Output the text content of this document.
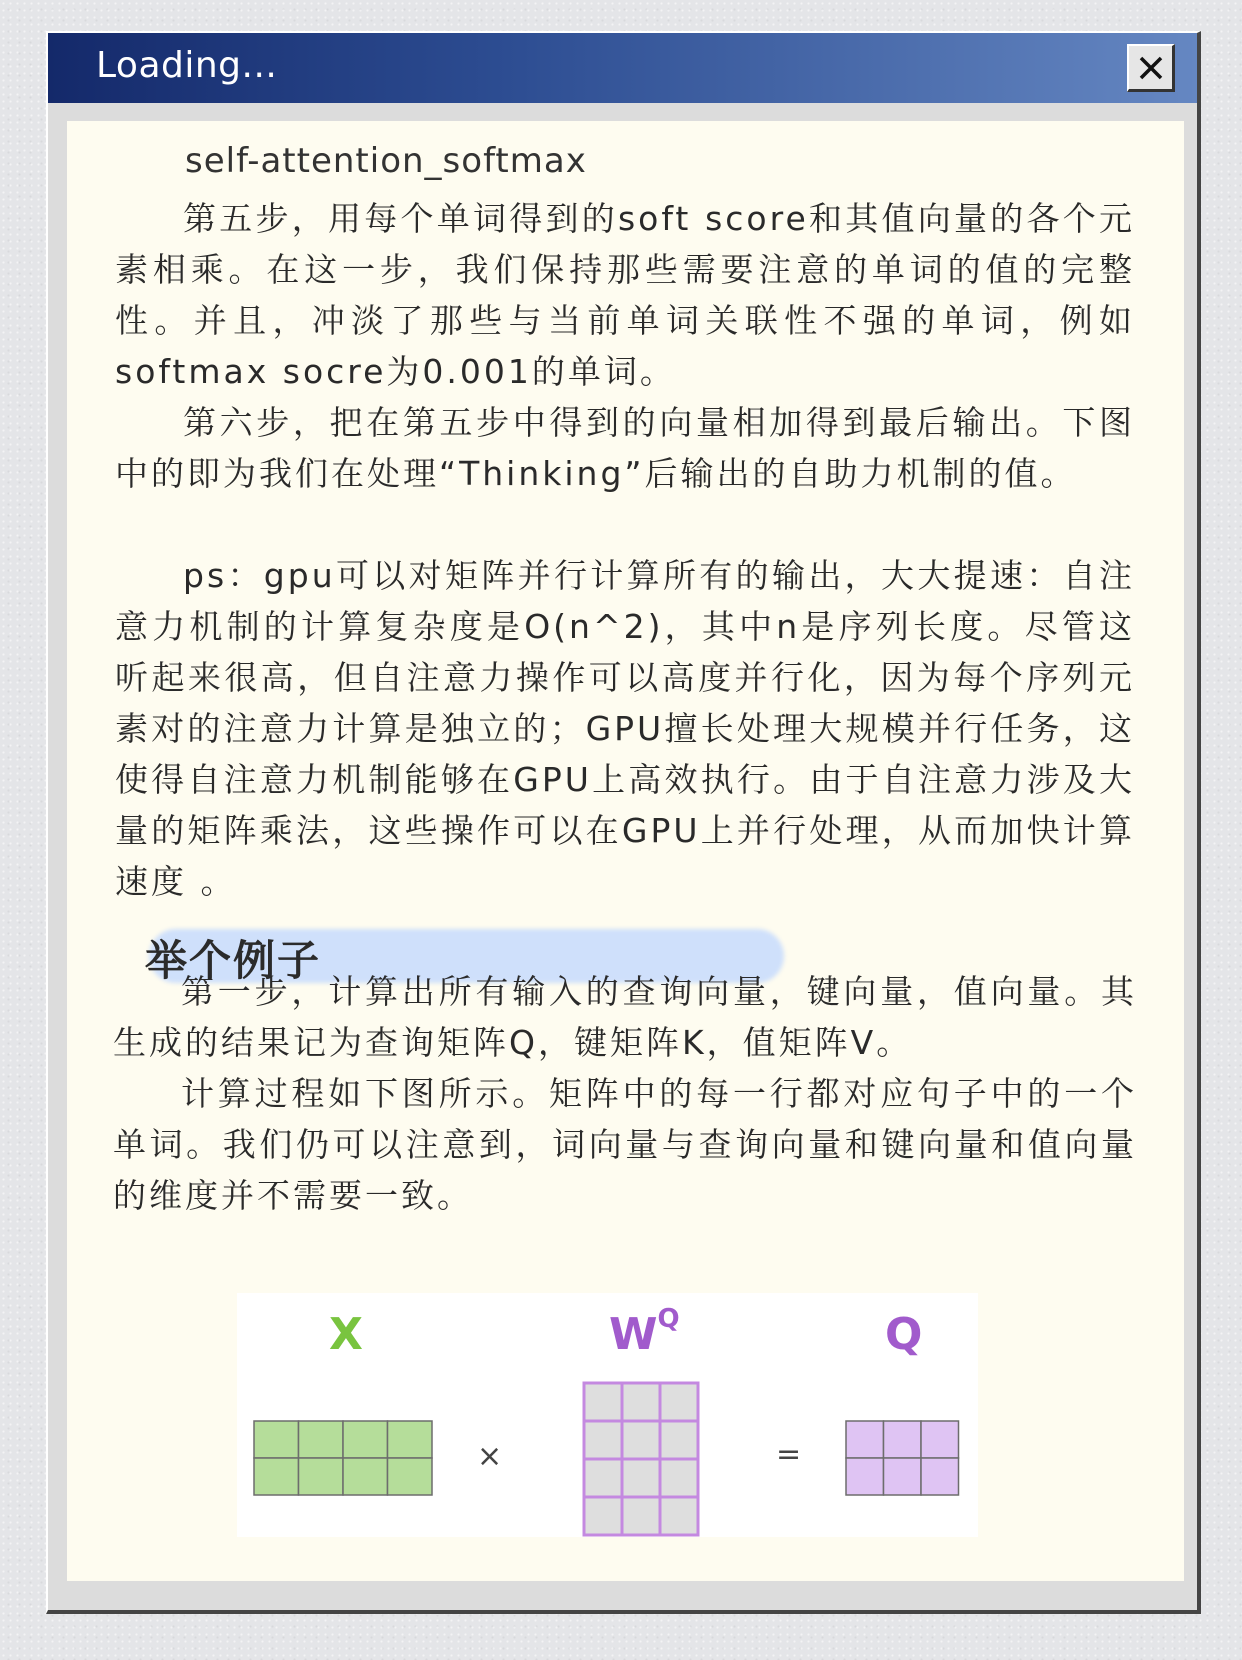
Loading...
self-attention_softmax

第五步，用每个单词得到的soft score和其值向量的各个元素相乘。在这一步，我们保持那些需要注意的单词的值的完整性。并且，冲淡了那些与当前单词关联性不强的单词，例如softmax socre为0.001的单词。

第六步，把在第五步中得到的向量相加得到最后输出。下图中的即为我们在处理“Thinking”后输出的自助力机制的值。

ps：gpu可以对矩阵并行计算所有的输出，大大提速：自注意力机制的计算复杂度是O(n^2)，其中n是序列长度。尽管这听起来很高，但自注意力操作可以高度并行化，因为每个序列元素对的注意力计算是独立的；GPU擅长处理大规模并行任务，这使得自注意力机制能够在GPU上高效执行。由于自注意力涉及大量的矩阵乘法，这些操作可以在GPU上并行处理，从而加快计算速度 。

举个例子

第一步，计算出所有输入的查询向量，键向量，值向量。其生成的结果记为查询矩阵Q，键矩阵K，值矩阵V。

计算过程如下图所示。矩阵中的每一行都对应句子中的一个单词。我们仍可以注意到，词向量与查询向量和键向量和值向量的维度并不需要一致。

X	$W^Q$	Q
×	=
